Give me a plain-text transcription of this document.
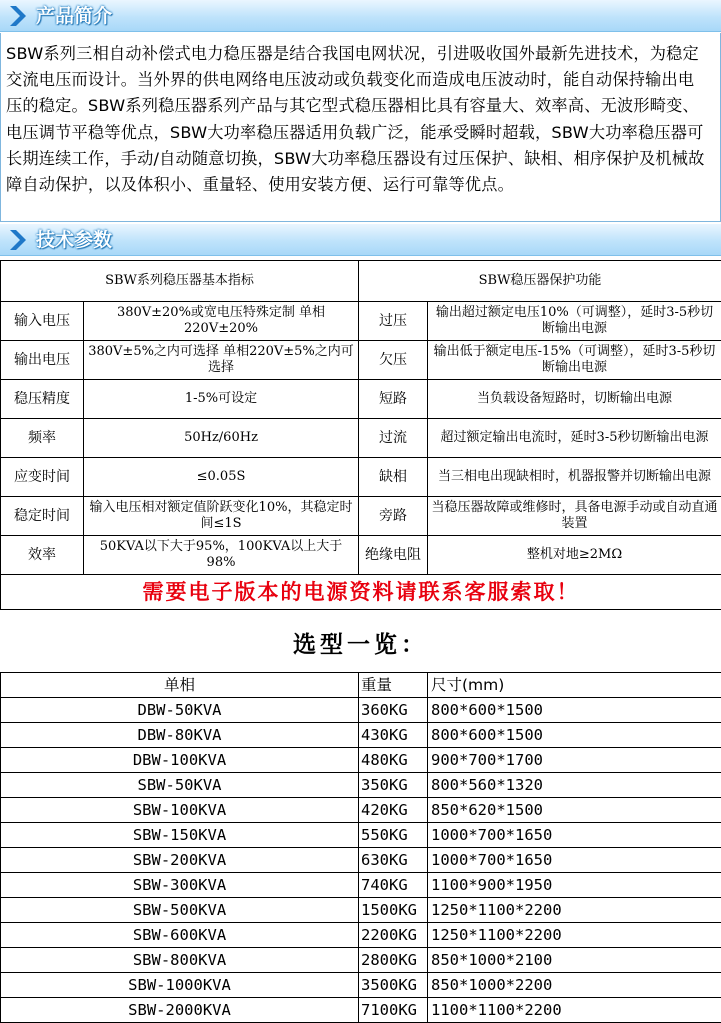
产品简介
SBW系列三相自动补偿式电力稳压器是结合我国电网状况，引进吸收国外最新先进技术，为稳定交流电压而设计。当外界的供电网络电压波动或负载变化而造成电压波动时，能自动保持输出电压的稳定。SBW系列稳压器系列产品与其它型式稳压器相比具有容量大、效率高、无波形畸变、电压调节平稳等优点，SBW大功率稳压器适用负载广泛，能承受瞬时超载，SBW大功率稳压器可长期连续工作，手动/自动随意切换，SBW大功率稳压器设有过压保护、缺相、相序保护及机械故障自动保护，以及体积小、重量轻、使用安装方便、运行可靠等优点。
技术参数
SBW系列稳压器基本指标		SBW稳压器保护功能	
输入电压	380V±20%或宽电压特殊定制 单相220V±20%	过压	输出超过额定电压10%（可调整），延时3-5秒切断输出电源
输出电压	380V±5%之内可选择 单相220V±5%之内可选择	欠压	输出低于额定电压-15%（可调整），延时3-5秒切断输出电源
稳压精度	1-5%可设定	短路	当负载设备短路时，切断输出电源
频率	50Hz/60Hz	过流	超过额定输出电流时，延时3-5秒切断输出电源
应变时间	≤0.05S	缺相	当三相电出现缺相时，机器报警并切断输出电源
稳定时间	输入电压相对额定值阶跃变化10%，其稳定时间≤1S	旁路	当稳压器故障或维修时，具备电源手动或自动直通装置
效率	50KVA以下大于95%，100KVA以上大于98%	绝缘电阻	整机对地≥2MΩ
需要电子版本的电源资料请联系客服索取！			
选型一览：
单相	重量	尺寸(mm)
DBW-50KVA	360KG	800*600*1500
DBW-80KVA	430KG	800*600*1500
DBW-100KVA	480KG	900*700*1700
SBW-50KVA	350KG	800*560*1320
SBW-100KVA	420KG	850*620*1500
SBW-150KVA	550KG	1000*700*1650
SBW-200KVA	630KG	1000*700*1650
SBW-300KVA	740KG	1100*900*1950
SBW-500KVA	1500KG	1250*1100*2200
SBW-600KVA	2200KG	1250*1100*2200
SBW-800KVA	2800KG	850*1000*2100
SBW-1000KVA	3500KG	850*1000*2200
SBW-2000KVA	7100KG	1100*1100*2200
